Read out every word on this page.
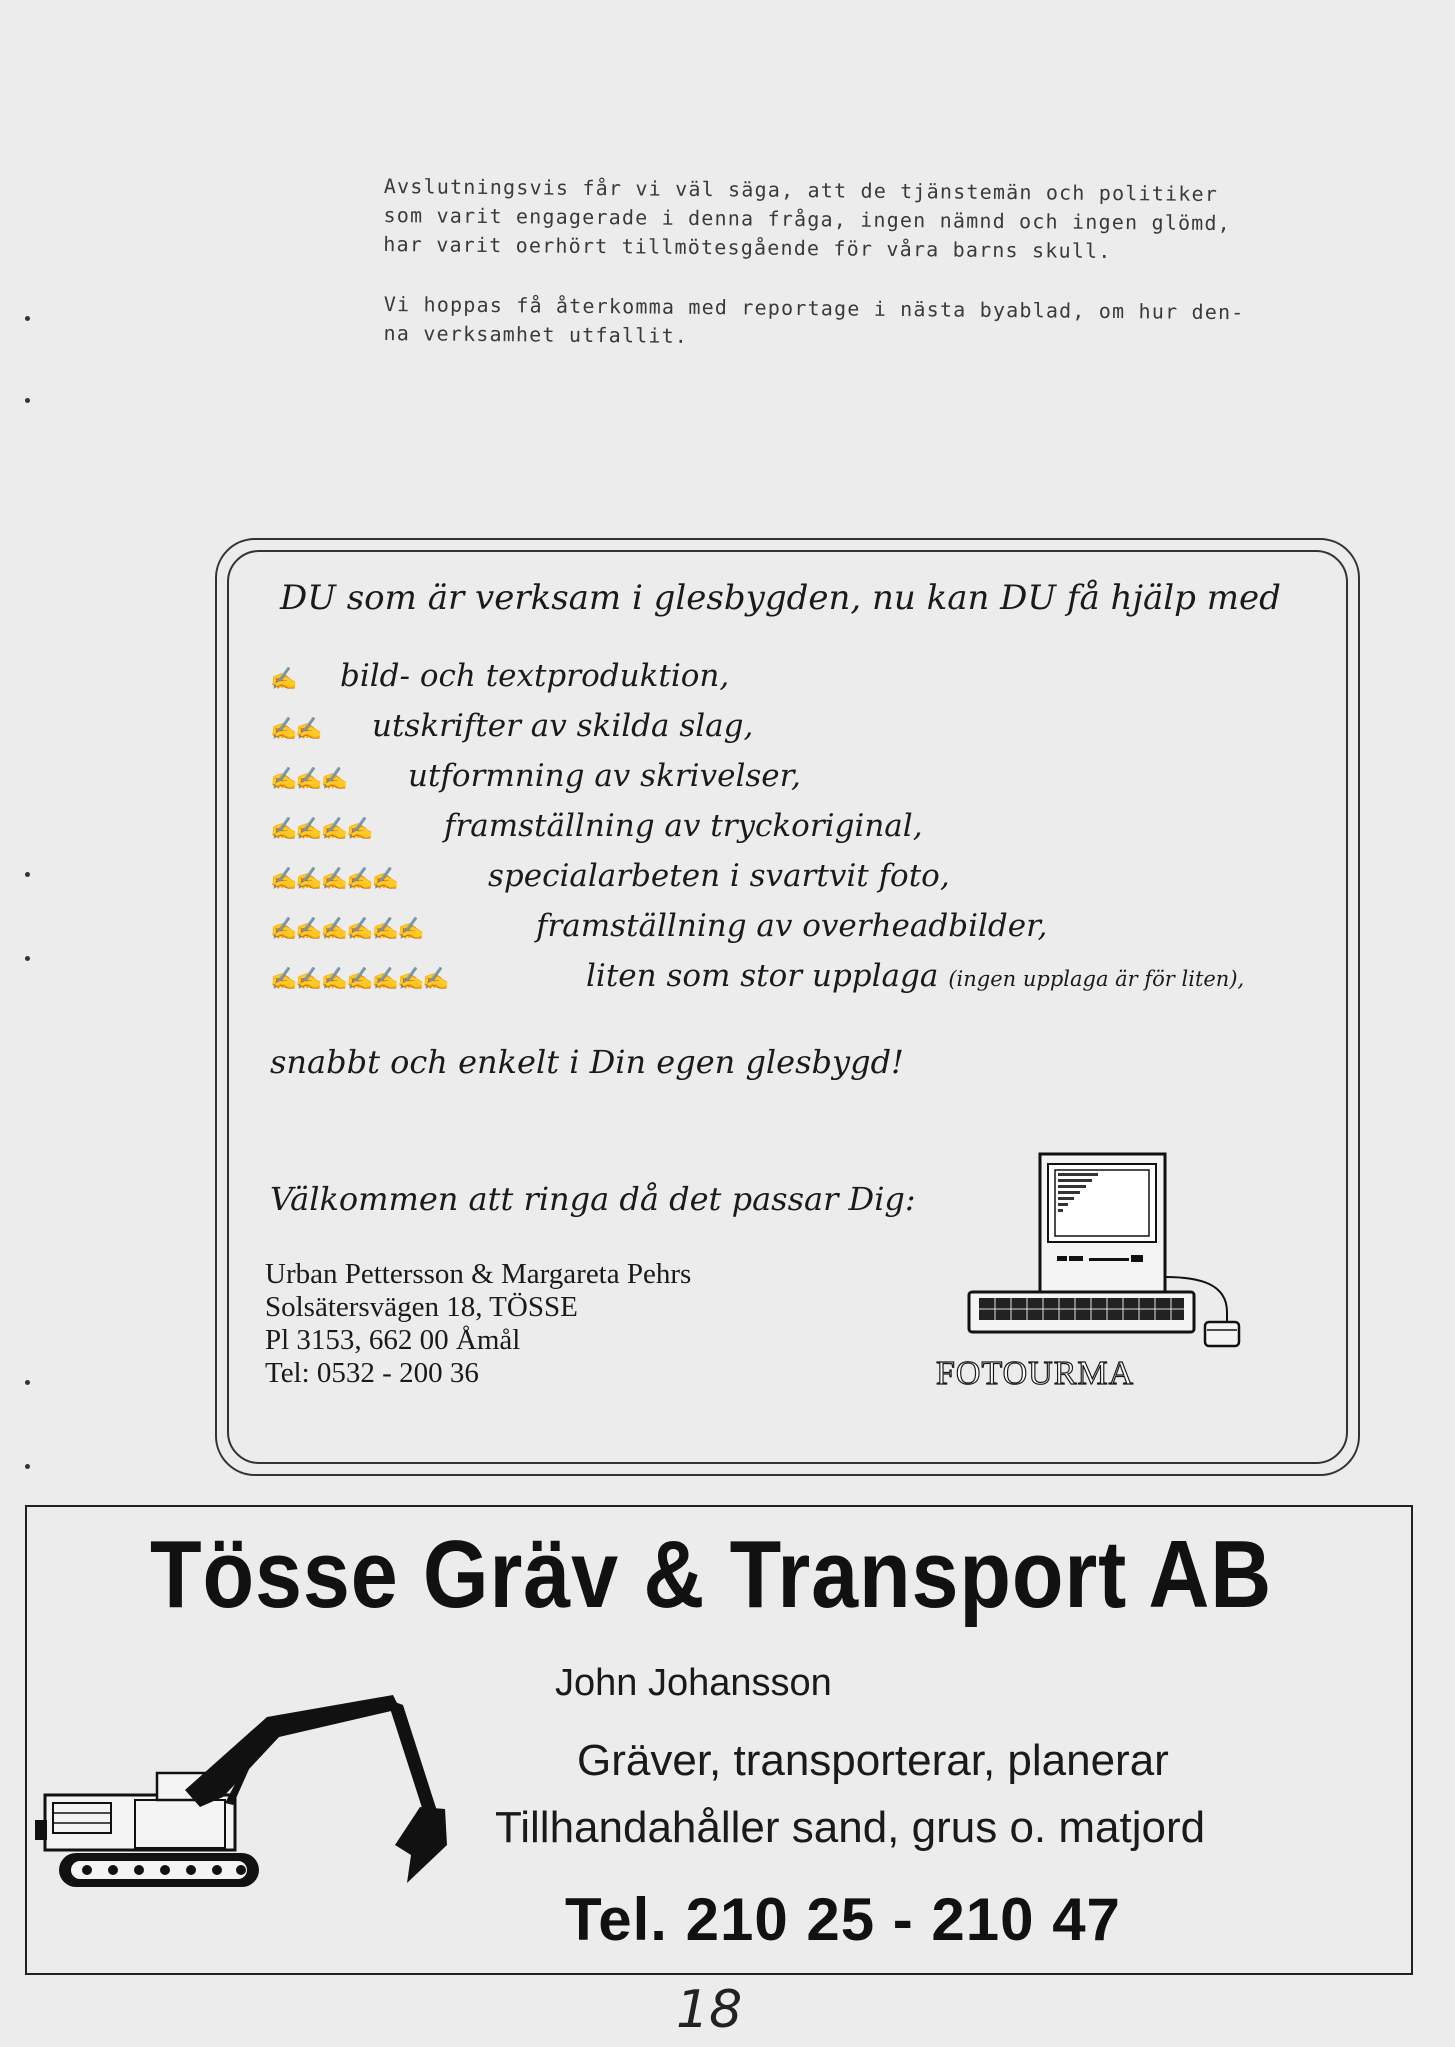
Avslutningsvis får vi väl säga, att de tjänstemän och politiker

som varit engagerade i denna fråga, ingen nämnd och ingen glömd,

har varit oerhört tillmötesgående för våra barns skull.

Vi hoppas få återkomma med reportage i nästa byablad, om hur den-

na verksamhet utfallit.

DU som är verksam i glesbygden, nu kan DU få hjälp med
✍ bild- och textproduktion,
✍✍ utskrifter av skilda slag,
✍✍✍ utformning av skrivelser,
✍✍✍✍ framställning av tryckoriginal,
✍✍✍✍✍	specialarbeten i svartvit foto,
✍✍✍✍✍✍	framställning av overheadbilder,
✍✍✍✍✍✍✍	liten som stor upplaga (ingen upplaga är för liten),
snabbt och enkelt i Din egen glesbygd!
Välkommen att ringa då det passar Dig:
Urban Pettersson & Margareta Pehrs
Solsätersvägen 18, TÖSSE
Pl 3153, 662 00 Åmål
Tel: 0532 - 200 36	FOTOURMA
Tösse Gräv & Transport AB
John Johansson
Gräver, transporterar, planerar
Tillhandahåller sand, grus o. matjord
Tel. 210 25 - 210 47
18
